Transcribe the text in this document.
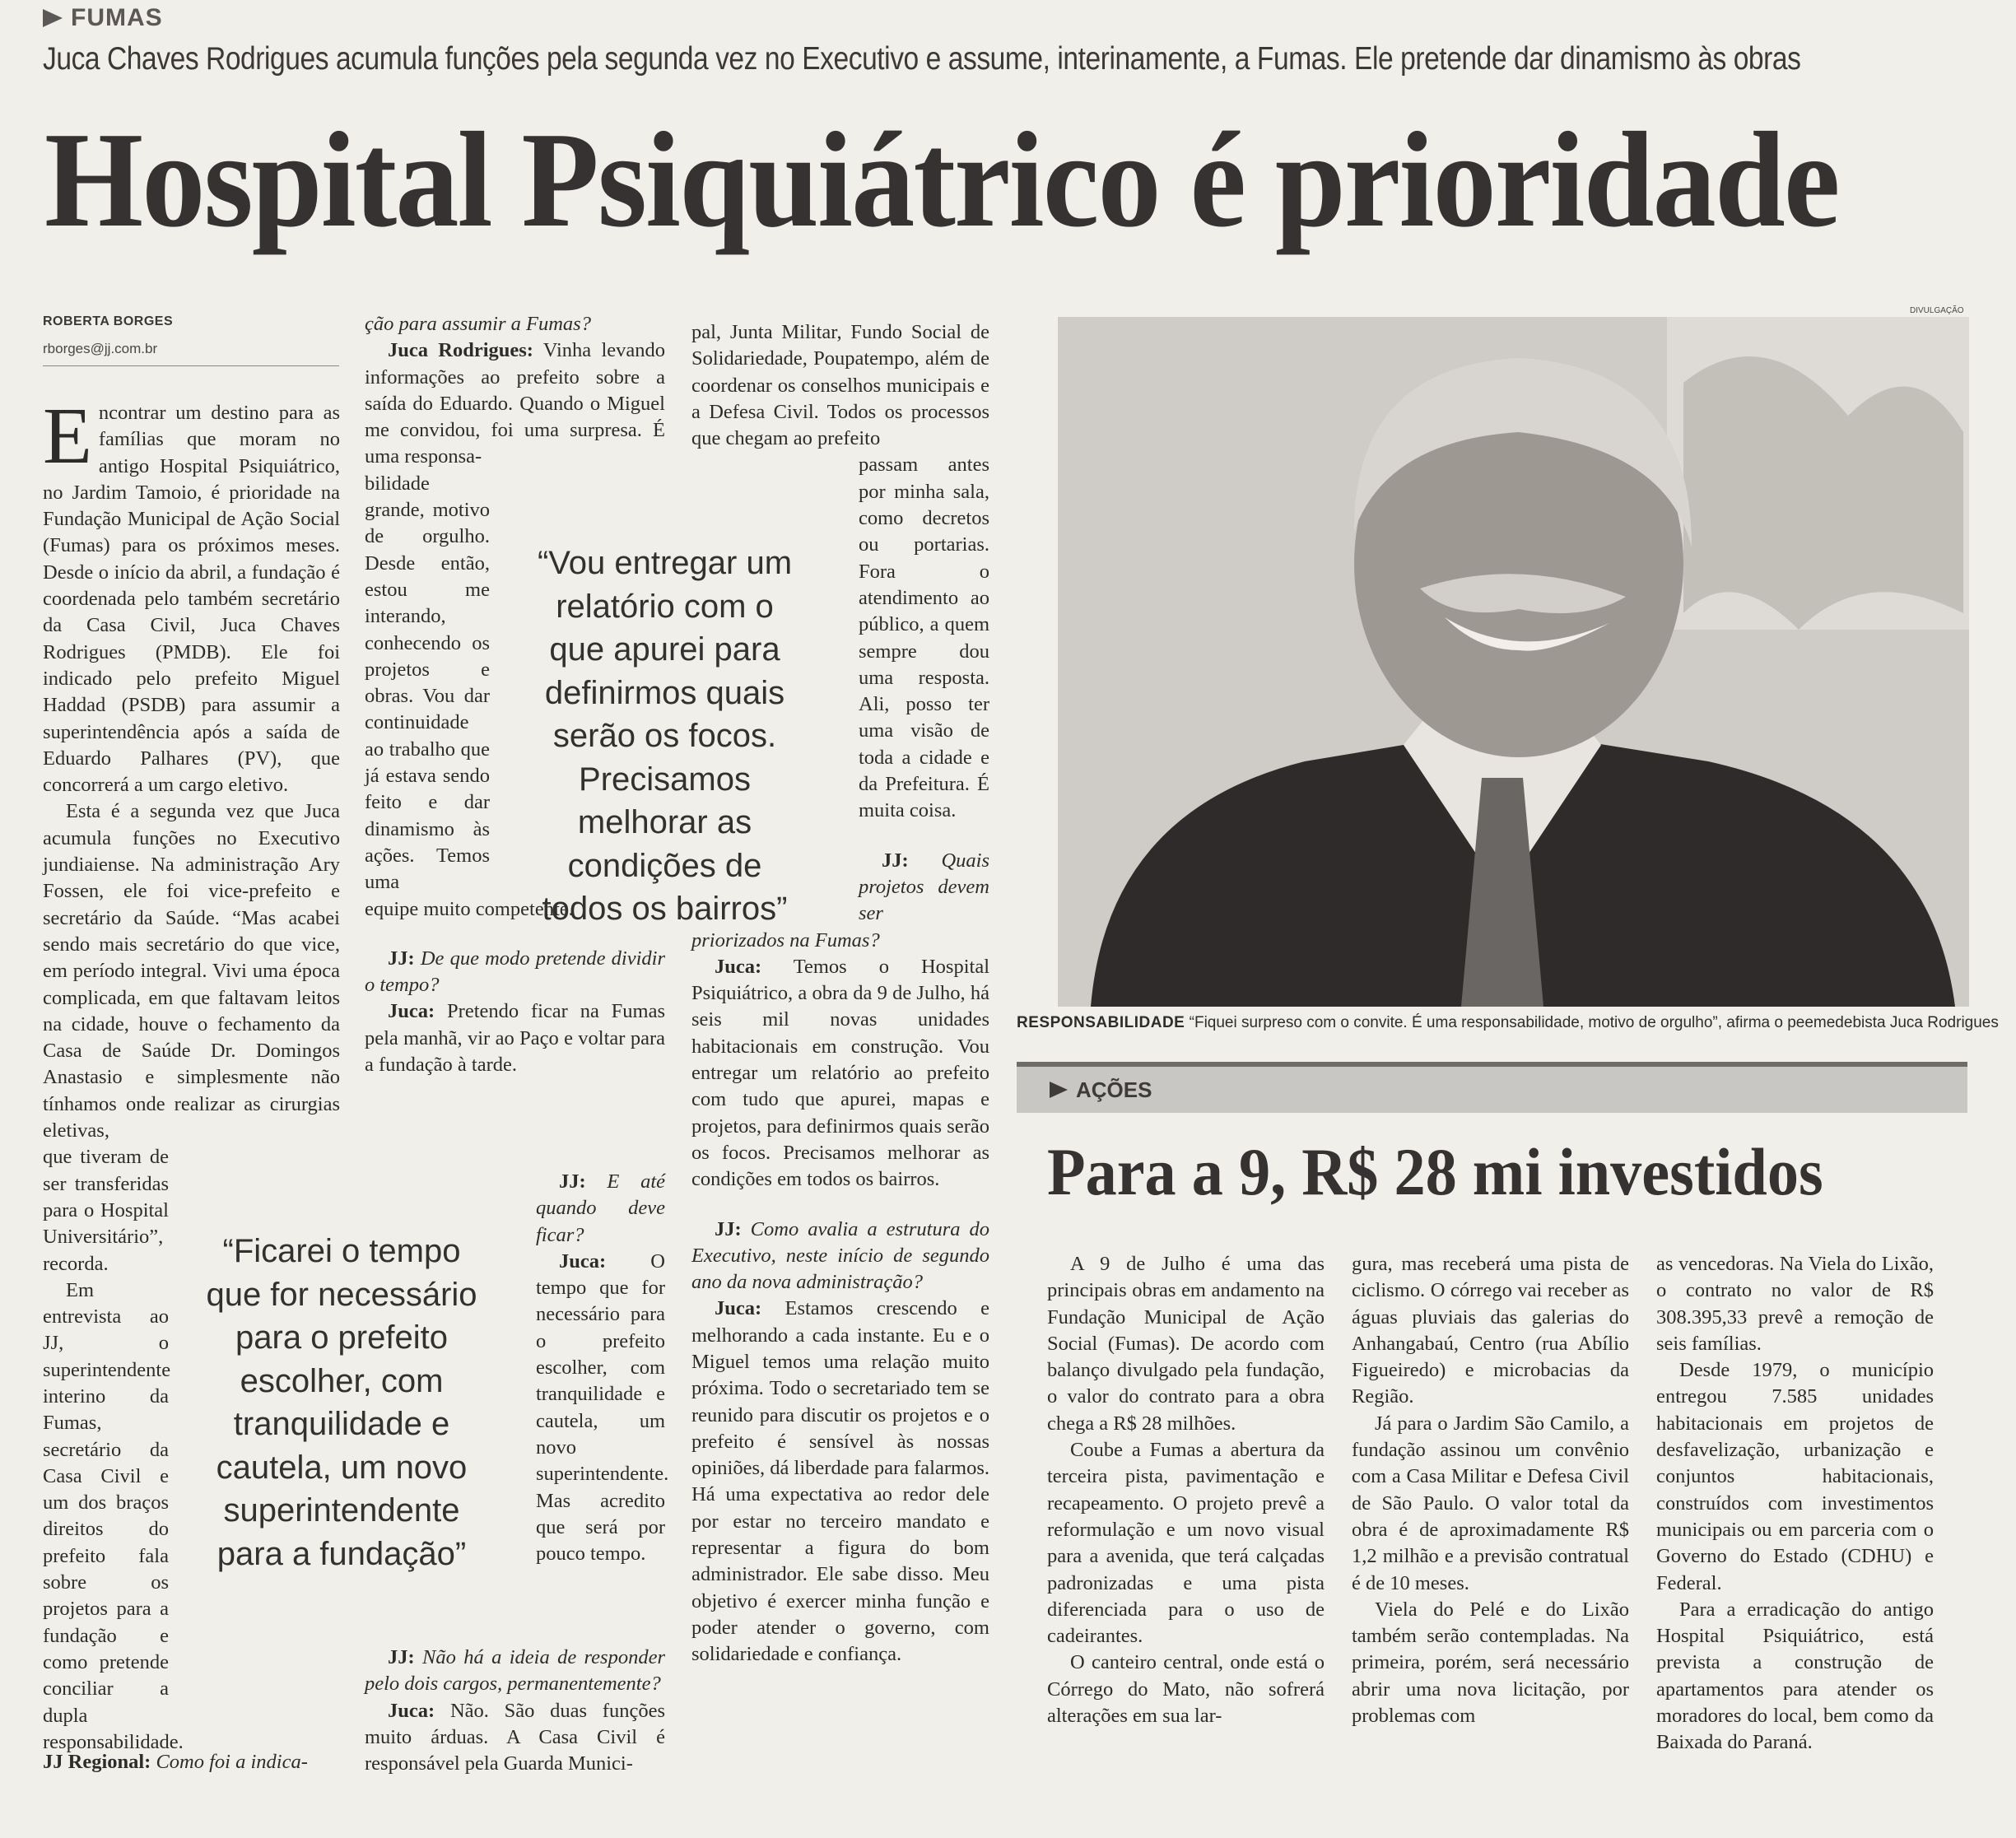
FUMAS
Juca Chaves Rodrigues acumula funções pela segunda vez no Executivo e assume, interinamente, a Fumas. Ele pretende dar dinamismo às obras
Hospital Psiquiátrico é prioridade
ROBERTA BORGES
rborges@jj.com.br

Encontrar um destino para as famílias que moram no antigo Hospital Psiquiátrico, no Jardim Tamoio, é prioridade na Fundação Municipal de Ação Social (Fumas) para os próximos meses. Desde o início da abril, a fundação é coordenada pelo também secretário da Casa Civil, Juca Chaves Rodrigues (PMDB). Ele foi indicado pelo prefeito Miguel Haddad (PSDB) para assumir a superintendência após a saída de Eduardo Palhares (PV), que concorrerá a um cargo eletivo.

Esta é a segunda vez que Juca acumula funções no Executivo jundiaiense. Na administração Ary Fossen, ele foi vice-prefeito e secretário da Saúde. “Mas acabei sendo mais secretário do que vice, em período integral. Vivi uma época complicada, em que faltavam leitos na cidade, houve o fechamento da Casa de Saúde Dr. Domingos Anastasio e simplesmente não tínhamos onde realizar as cirurgias eletivas,

que tiveram de ser transferidas para o Hospital Universitário”, recorda.

Em entrevista ao JJ, o superintendente interino da Fumas, secretário da Casa Civil e um dos braços direitos do prefeito fala sobre os projetos para a fundação e como pretende conciliar a dupla responsabilidade.

JJ Regional: Como foi a indica-

“Ficarei o tempo que for necessário para o prefeito escolher, com tranquilidade e cautela, um novo superintendente para a fundação”

ção para assumir a Fumas?

Juca Rodrigues: Vinha levando informações ao prefeito sobre a saída do Eduardo. Quando o Miguel me convidou, foi uma surpresa. É uma responsa-

bilidade grande, motivo de orgulho. Desde então, estou me interando, conhecendo os projetos e obras. Vou dar continuidade ao trabalho que já estava sendo feito e dar dinamismo às ações. Temos uma

equipe muito competente.

JJ: De que modo pretende dividir o tempo?

Juca: Pretendo ficar na Fumas pela manhã, vir ao Paço e voltar para a fundação à tarde.

JJ: E até quando deve ficar?

Juca: O tempo que for necessário para o prefeito escolher, com tranquilidade e cautela, um novo superintendente. Mas acredito que será por pouco tempo.

JJ: Não há a ideia de responder pelo dois cargos, permanentemente?

Juca: Não. São duas funções muito árduas. A Casa Civil é responsável pela Guarda Munici-

“Vou entregar um relatório com o que apurei para definirmos quais serão os focos. Precisamos melhorar as condições de todos os bairros”

pal, Junta Militar, Fundo Social de Solidariedade, Poupatempo, além de coordenar os conselhos municipais e a Defesa Civil. Todos os processos que chegam ao prefeito

passam antes por minha sala, como decretos ou portarias. Fora o atendimento ao público, a quem sempre dou uma resposta. Ali, posso ter uma visão de toda a cidade e da Prefeitura. É muita coisa.

JJ: Quais projetos devem ser

priorizados na Fumas?

Juca: Temos o Hospital Psiquiátrico, a obra da 9 de Julho, há seis mil novas unidades habitacionais em construção. Vou entregar um relatório ao prefeito com tudo que apurei, mapas e projetos, para definirmos quais serão os focos. Precisamos melhorar as condições em todos os bairros.

JJ: Como avalia a estrutura do Executivo, neste início de segundo ano da nova administração?

Juca: Estamos crescendo e melhorando a cada instante. Eu e o Miguel temos uma relação muito próxima. Todo o secretariado tem se reunido para discutir os projetos e o prefeito é sensível às nossas opiniões, dá liberdade para falarmos. Há uma expectativa ao redor dele por estar no terceiro mandato e representar a figura do bom administrador. Ele sabe disso. Meu objetivo é exercer minha função e poder atender o governo, com solidariedade e confiança.

DIVULGAÇÃO
RESPONSABILIDADE “Fiquei surpreso com o convite. É uma responsabilidade, motivo de orgulho”, afirma o peemedebista Juca Rodrigues
AÇÕES
Para a 9, R$ 28 mi investidos

A 9 de Julho é uma das principais obras em andamento na Fundação Municipal de Ação Social (Fumas). De acordo com balanço divulgado pela fundação, o valor do contrato para a obra chega a R$ 28 milhões.

Coube a Fumas a abertura da terceira pista, pavimentação e recapeamento. O projeto prevê a reformulação e um novo visual para a avenida, que terá calçadas padronizadas e uma pista diferenciada para o uso de cadeirantes.

O canteiro central, onde está o Córrego do Mato, não sofrerá alterações em sua lar-

gura, mas receberá uma pista de ciclismo. O córrego vai receber as águas pluviais das galerias do Anhangabaú, Centro (rua Abílio Figueiredo) e microbacias da Região.

Já para o Jardim São Camilo, a fundação assinou um convênio com a Casa Militar e Defesa Civil de São Paulo. O valor total da obra é de aproximadamente R$ 1,2 milhão e a previsão contratual é de 10 meses.

Viela do Pelé e do Lixão também serão contempladas. Na primeira, porém, será necessário abrir uma nova licitação, por problemas com

as vencedoras. Na Viela do Lixão, o contrato no valor de R$ 308.395,33 prevê a remoção de seis famílias.

Desde 1979, o município entregou 7.585 unidades habitacionais em projetos de desfavelização, urbanização e conjuntos habitacionais, construídos com investimentos municipais ou em parceria com o Governo do Estado (CDHU) e Federal.

Para a erradicação do antigo Hospital Psiquiátrico, está prevista a construção de apartamentos para atender os moradores do local, bem como da Baixada do Paraná.
